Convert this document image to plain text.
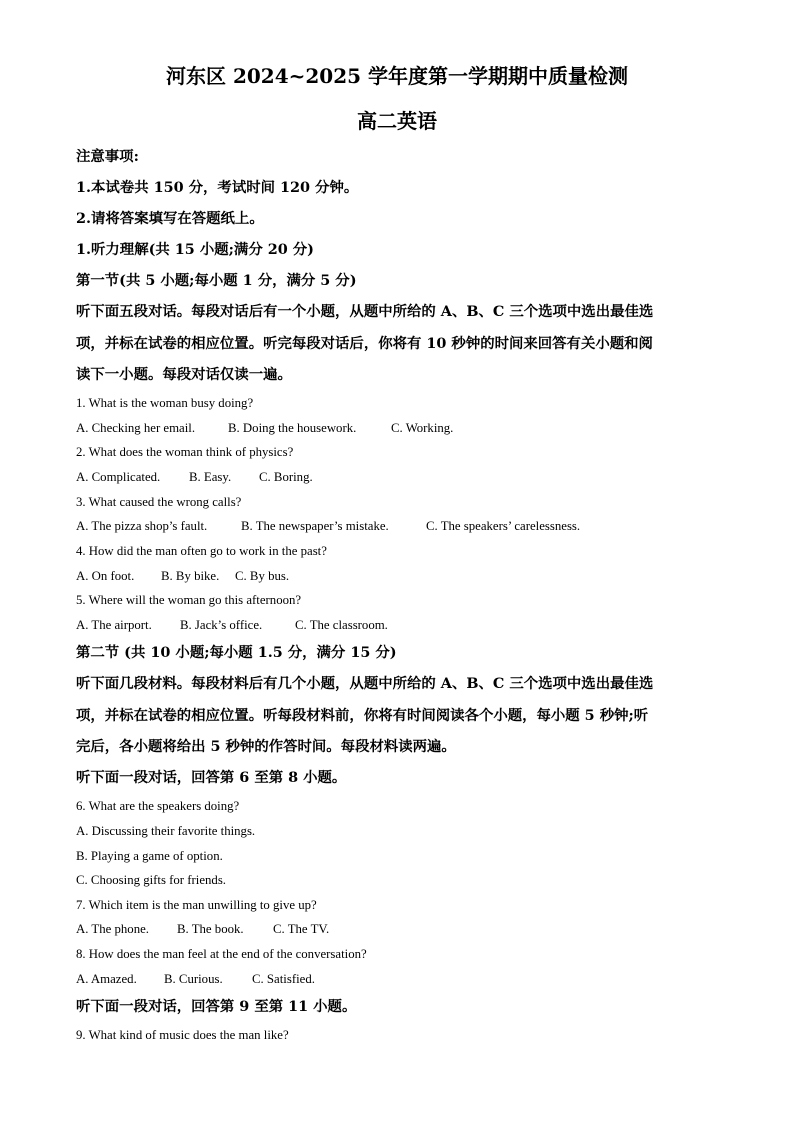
河东区 2024~2025 学年度第一学期期中质量检测
高二英语
注意事项:
1.本试卷共 150 分，考试时间 120 分钟。
2.请将答案填写在答题纸上。
1.听力理解(共 15 小题;满分 20 分)
第一节(共 5 小题;每小题 1 分，满分 5 分)
听下面五段对话。每段对话后有一个小题，从题中所给的 A、B、C 三个选项中选出最佳选
项，并标在试卷的相应位置。听完每段对话后，你将有 10 秒钟的时间来回答有关小题和阅
读下一小题。每段对话仅读一遍。
1. What is the woman busy doing?
A. Checking her email.	B. Doing the housework.	C. Working.
2. What does the woman think of physics?
A. Complicated. B. Easy. C. Boring.
3. What caused the wrong calls?
A. The pizza shop’s fault.	B. The newspaper’s mistake.	C. The speakers’ carelessness.
4. How did the man often go to work in the past?
A. On foot. B. By bike. C. By bus.
5. Where will the woman go this afternoon?
A. The airport. B. Jack’s office.	C. The classroom.
第二节 (共 10 小题;每小题 1.5 分，满分 15 分)
听下面几段材料。每段材料后有几个小题，从题中所给的 A、B、C 三个选项中选出最佳选
项，并标在试卷的相应位置。听每段材料前，你将有时间阅读各个小题，每小题 5 秒钟;听
完后，各小题将给出 5 秒钟的作答时间。每段材料读两遍。
听下面一段对话，回答第 6 至第 8 小题。
6. What are the speakers doing?
A. Discussing their favorite things.
B. Playing a game of option.
C. Choosing gifts for friends.
7. Which item is the man unwilling to give up?
A. The phone. B. The book. C. The TV.
8. How does the man feel at the end of the conversation?
A. Amazed. B. Curious. C. Satisfied.
听下面一段对话，回答第 9 至第 11 小题。
9. What kind of music does the man like?
